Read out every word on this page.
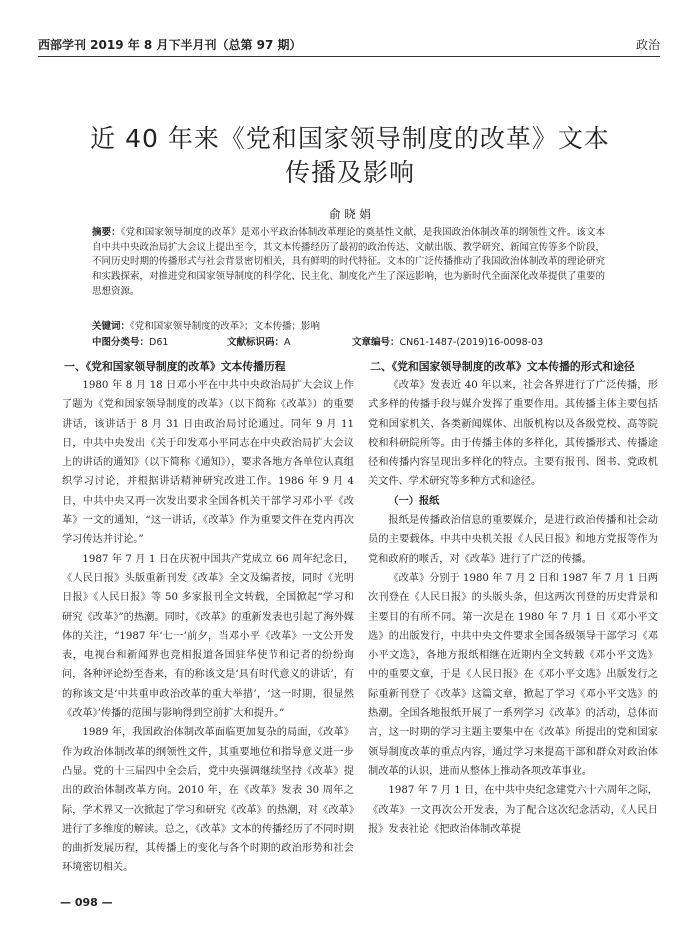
西部学刊 2019 年 8 月下半月刊（总第 97 期）	政治
近 40 年来《党和国家领导制度的改革》文本
传播及影响
俞 晓 娟

摘要：《党和国家领导制度的改革》是邓小平政治体制改革理论的奠基性文献，是我国政治体制改革的纲领性文件。该文本自中共中央政治局扩大会议上提出至今，其文本传播经历了最初的政治传达、文献出版、教学研究、新闻宣传等多个阶段，不同历史时期的传播形式与社会背景密切相关，具有鲜明的时代特征。文本的广泛传播推动了我国政治体制改革的理论研究和实践探索，对推进党和国家领导制度的科学化、民主化、制度化产生了深远影响，也为新时代全面深化改革提供了重要的思想资源。

关键词：《党和国家领导制度的改革》；文本传播；影响
中图分类号：D61	文献标识码：A	文章编号：CN61-1487-(2019)16-0098-03
一、《党和国家领导制度的改革》文本传播历程

1980 年 8 月 18 日邓小平在中共中央政治局扩大会议上作了题为《党和国家领导制度的改革》（以下简称《改革》）的重要讲话，该讲话于 8 月 31 日由政治局讨论通过。同年 9 月 11 日，中共中央发出《关于印发邓小平同志在中央政治局扩大会议上的讲话的通知》（以下简称《通知》），要求各地方各单位认真组织学习讨论，并根据讲话精神研究改进工作。1986 年 9 月 4 日，中共中央又再一次发出要求全国各机关干部学习邓小平《改革》一文的通知，“这一讲话，《改革》作为重要文件在党内再次学习传达并讨论。”

1987 年 7 月 1 日在庆祝中国共产党成立 66 周年纪念日，《人民日报》头版重新刊发《改革》全文及编者按，同时《光明日报》《人民日报》等 50 多家报刊全文转载，全国掀起“学习和研究《改革》”的热潮。同时，《改革》的重新发表也引起了海外媒体的关注，“1987 年‘七一’前夕，当邓小平《改革》一文公开发表，电视台和新闻界也竞相报道各国驻华使节和记者的纷纷询问，各种评论纷至沓来，有的称该文是‘具有时代意义的讲话’，有的称该文是‘中共重申政治改革的重大举措’，‘这一时期，很显然《改革》’传播的范围与影响得到空前扩大和提升。”

1989 年，我国政治体制改革面临更加复杂的局面，《改革》作为政治体制改革的纲领性文件，其重要地位和指导意义进一步凸显。党的十三届四中全会后，党中央强调继续坚持《改革》提出的政治体制改革方向。2010 年，在《改革》发表 30 周年之际，学术界又一次掀起了学习和研究《改革》的热潮，对《改革》进行了多维度的解读。总之，《改革》文本的传播经历了不同时期的曲折发展历程，其传播上的变化与各个时期的政治形势和社会环境密切相关。

二、《党和国家领导制度的改革》文本传播的形式和途径

《改革》发表近 40 年以来，社会各界进行了广泛传播，形式多样的传播手段与媒介发挥了重要作用。其传播主体主要包括党和国家机关、各类新闻媒体、出版机构以及各级党校、高等院校和科研院所等。由于传播主体的多样化，其传播形式、传播途径和传播内容呈现出多样化的特点。主要有报刊、图书、党政机关文件、学术研究等多种方式和途径。

（一）报纸

报纸是传播政治信息的重要媒介，是进行政治传播和社会动员的主要载体。中共中央机关报《人民日报》和地方党报等作为党和政府的喉舌，对《改革》进行了广泛的传播。

《改革》分别于 1980 年 7 月 2 日和 1987 年 7 月 1 日两次刊登在《人民日报》的头版头条，但这两次刊登的历史背景和主要目的有所不同。第一次是在 1980 年 7 月 1 日《邓小平文选》的出版发行，中共中央文件要求全国各级领导干部学习《邓小平文选》，各地方报纸相继在近期内全文转载《邓小平文选》中的重要文章，于是《人民日报》在《邓小平文选》出版发行之际重新刊登了《改革》这篇文章，掀起了学习《邓小平文选》的热潮。全国各地报纸开展了一系列学习《改革》的活动，总体而言，这一时期的学习主题主要集中在《改革》所提出的党和国家领导制度改革的重点内容，通过学习来提高干部和群众对政治体制改革的认识，进而从整体上推动各项改革事业。

1987 年 7 月 1 日，在中共中央纪念建党六十六周年之际，《改革》一文再次公开发表，为了配合这次纪念活动，《人民日报》发表社论《把政治体制改革提

— 098 —
